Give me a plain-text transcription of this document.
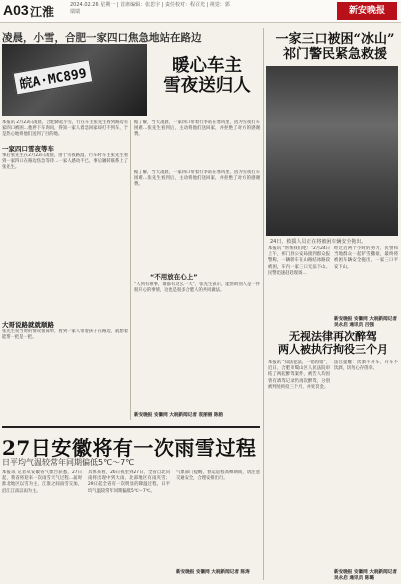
A03 江淮	2024.02.26 星期一 | 首席编辑：张思宇 | 责任校对：程召光 | 视觉：郭瑞瑞	新安晚报
凌晨，小雪，合肥一家四口焦急地站在路边
皖A·MC899
暖心车主
雪夜送归人
本报讯 2月23日凌晨，合肥降起小雪，行在车主张先生看到路边有家四口被困…他停下车询问，得知一家人着急回家却打不到车，于是热心地将他们送到了目的地。
据了解，当天凌晨，一家四口带着行李站在寒风里，因为雪夜打车困难…张先生看到后，主动将他们送回家，并拒绝了对方的感谢费。
一家四口雪夜等车
事后张先生在2月23日凌晨，由于雪夜路湿，行车时车主张先生看到一家四口在路边焦急等待…一家人感动不已，事后辗转联系上了张先生。
大哥说路就就顺路
张先生说当时的情况很简单，看到一家人带着孩子在路边，就想着能帮一把是一把。
据了解，当天凌晨，一家四口带着行李站在寒风里，因为雪夜打车困难…张先生看到后，主动将他们送回家，并拒绝了对方的感谢费。
“不用放在心上”
“人到有难事，谁都有这么一天”，张先生表示，能帮助别人是一件很开心的事情，这也是很多合肥人的共同做法。
新安晚报 安徽网 大皖新闻记者 袁丽丽 陈韵
27日安徽将有一次雨雪过程
日平均气温较常年同期偏低5℃～7℃
本报讯 记者从安徽省气象台获悉，27日起，我省将迎来一次雨雪天气过程…届时淮北地区以雪为主，江淮之间雨雪交加，沿江江南以雨为主。
具体来看，26日夜里到27日，全省自北向南将出现中到大雨，北部地区有雨夹雪；29日起全省有一次明显的降温过程，日平均气温较常年同期偏低5℃～7℃。
气象部门提醒，春运返程高峰期间，请注意交通安全，合理安排出行。
新安晚报 安徽网 大皖新闻记者 陈涛
一家三口被困“冰山”
祁门警民紧急救援
24日，救援人员正在将被困车辆安全拖出。
本报讯 “帮帮我们吧！”2月24日上午，祁门县公安局接到群众报警称，一辆轿车在山路结冰路段被困，车内一家三口无法下山。民警迅速赶赴现场…
经过近两个小时的努力，民警和当地群众一起铲雪撒盐，最终将被困车辆安全拖出，一家三口平安下山。
新安晚报 安徽网 大皖新闻记者 吴永启 通讯员 吕强
无视法律再次醉驾
两人被执行拘役三个月
本报讯 “知法犯法，一错再错”，近日，合肥市蜀山区人民法院审结了两起醉驾案件，被告人均因曾有酒驾记录仍再次醉驾，分别被判处拘役三个月，并处罚金。
法官提醒：饮酒不开车，开车不饮酒，切勿心存侥幸。
新安晚报 安徽网 大皖新闻记者 吴永启 通讯员 陈璐
